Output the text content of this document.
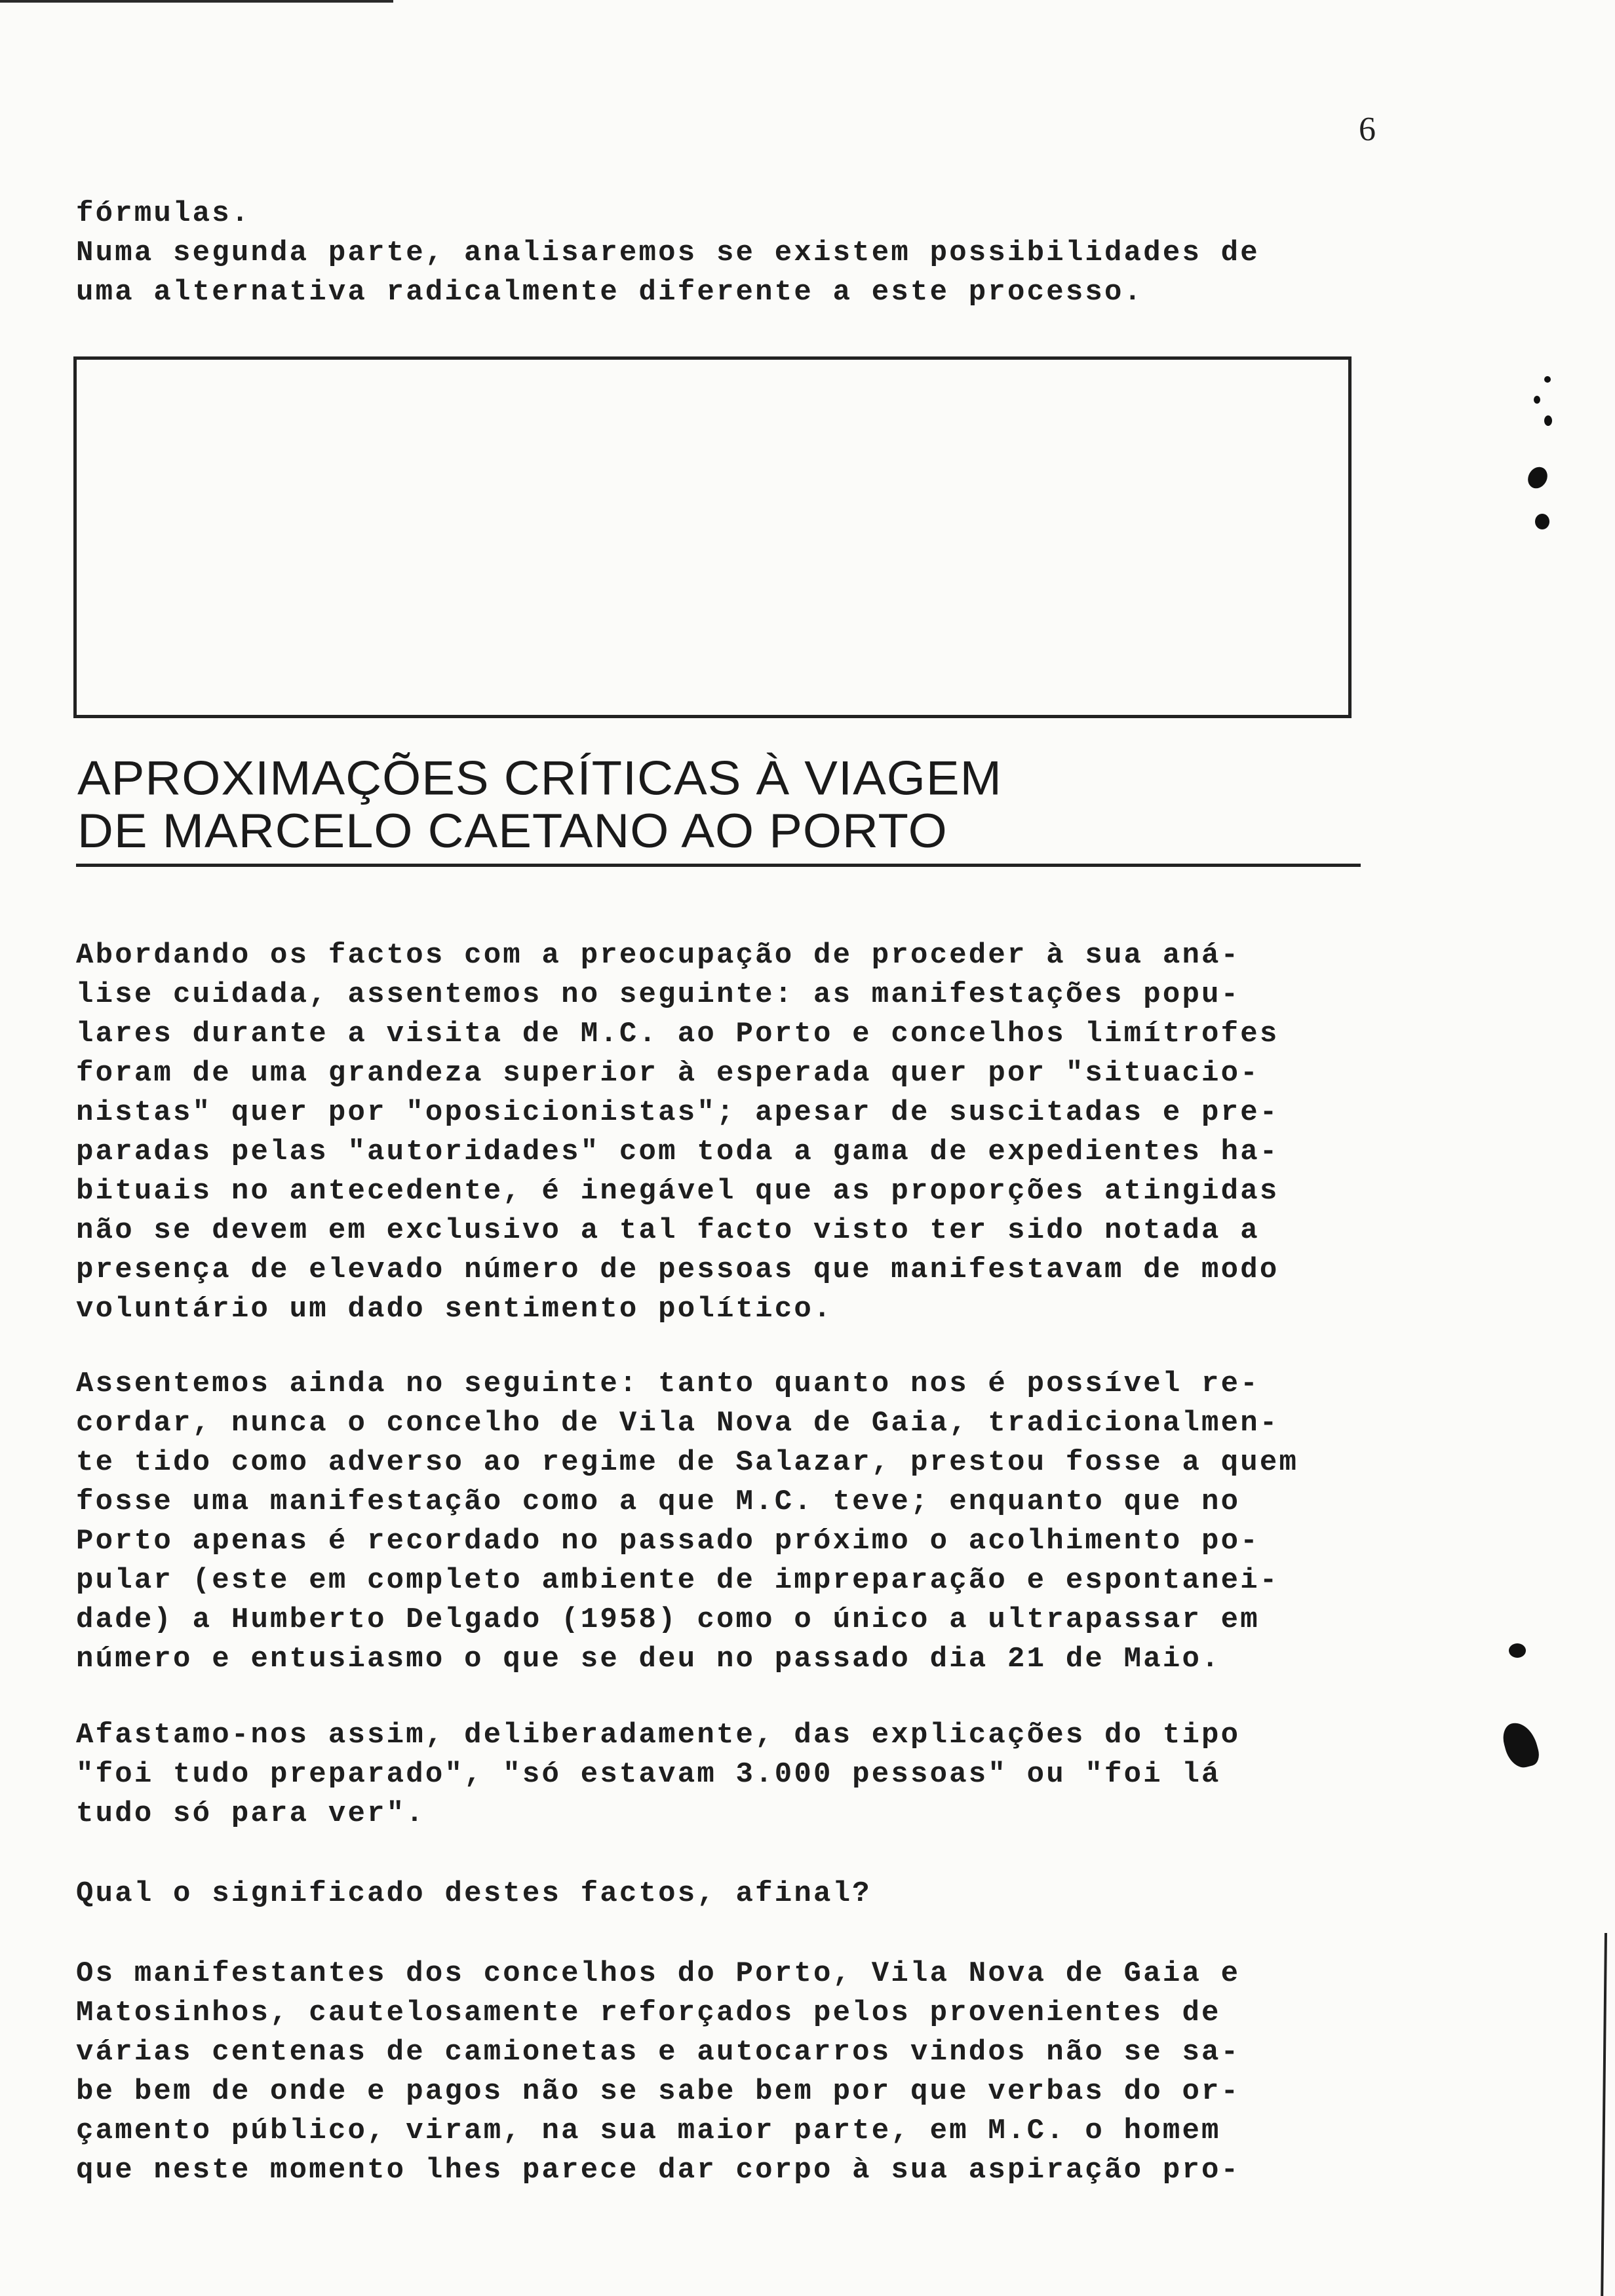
6
fórmulas.
Numa segunda parte, analisaremos se existem possibilidades de
uma alternativa radicalmente diferente a este processo.
APROXIMAÇÕES CRÍTICAS À VIAGEM
DE MARCELO CAETANO AO PORTO
Abordando os factos com a preocupação de proceder à sua aná-
lise cuidada, assentemos no seguinte: as manifestações popu-
lares durante a visita de M.C. ao Porto e concelhos limítrofes
foram de uma grandeza superior à esperada quer por "situacio-
nistas" quer por "oposicionistas"; apesar de suscitadas e pre-
paradas pelas "autoridades" com toda a gama de expedientes ha-
bituais no antecedente, é inegável que as proporções atingidas
não se devem em exclusivo a tal facto visto ter sido notada a
presença de elevado número de pessoas que manifestavam de modo
voluntário um dado sentimento político.
Assentemos ainda no seguinte: tanto quanto nos é possível re-
cordar, nunca o concelho de Vila Nova de Gaia, tradicionalmen-
te tido como adverso ao regime de Salazar, prestou fosse a quem
fosse uma manifestação como a que M.C. teve; enquanto que no
Porto apenas é recordado no passado próximo o acolhimento po-
pular (este em completo ambiente de impreparação e espontanei-
dade) a Humberto Delgado (1958) como o único a ultrapassar em
número e entusiasmo o que se deu no passado dia 21 de Maio.
Afastamo-nos assim, deliberadamente, das explicações do tipo
"foi tudo preparado", "só estavam 3.000 pessoas" ou "foi lá
tudo só para ver".
Qual o significado destes factos, afinal?
Os manifestantes dos concelhos do Porto, Vila Nova de Gaia e
Matosinhos, cautelosamente reforçados pelos provenientes de
várias centenas de camionetas e autocarros vindos não se sa-
be bem de onde e pagos não se sabe bem por que verbas do or-
çamento público, viram, na sua maior parte, em M.C. o homem
que neste momento lhes parece dar corpo à sua aspiração pro-
